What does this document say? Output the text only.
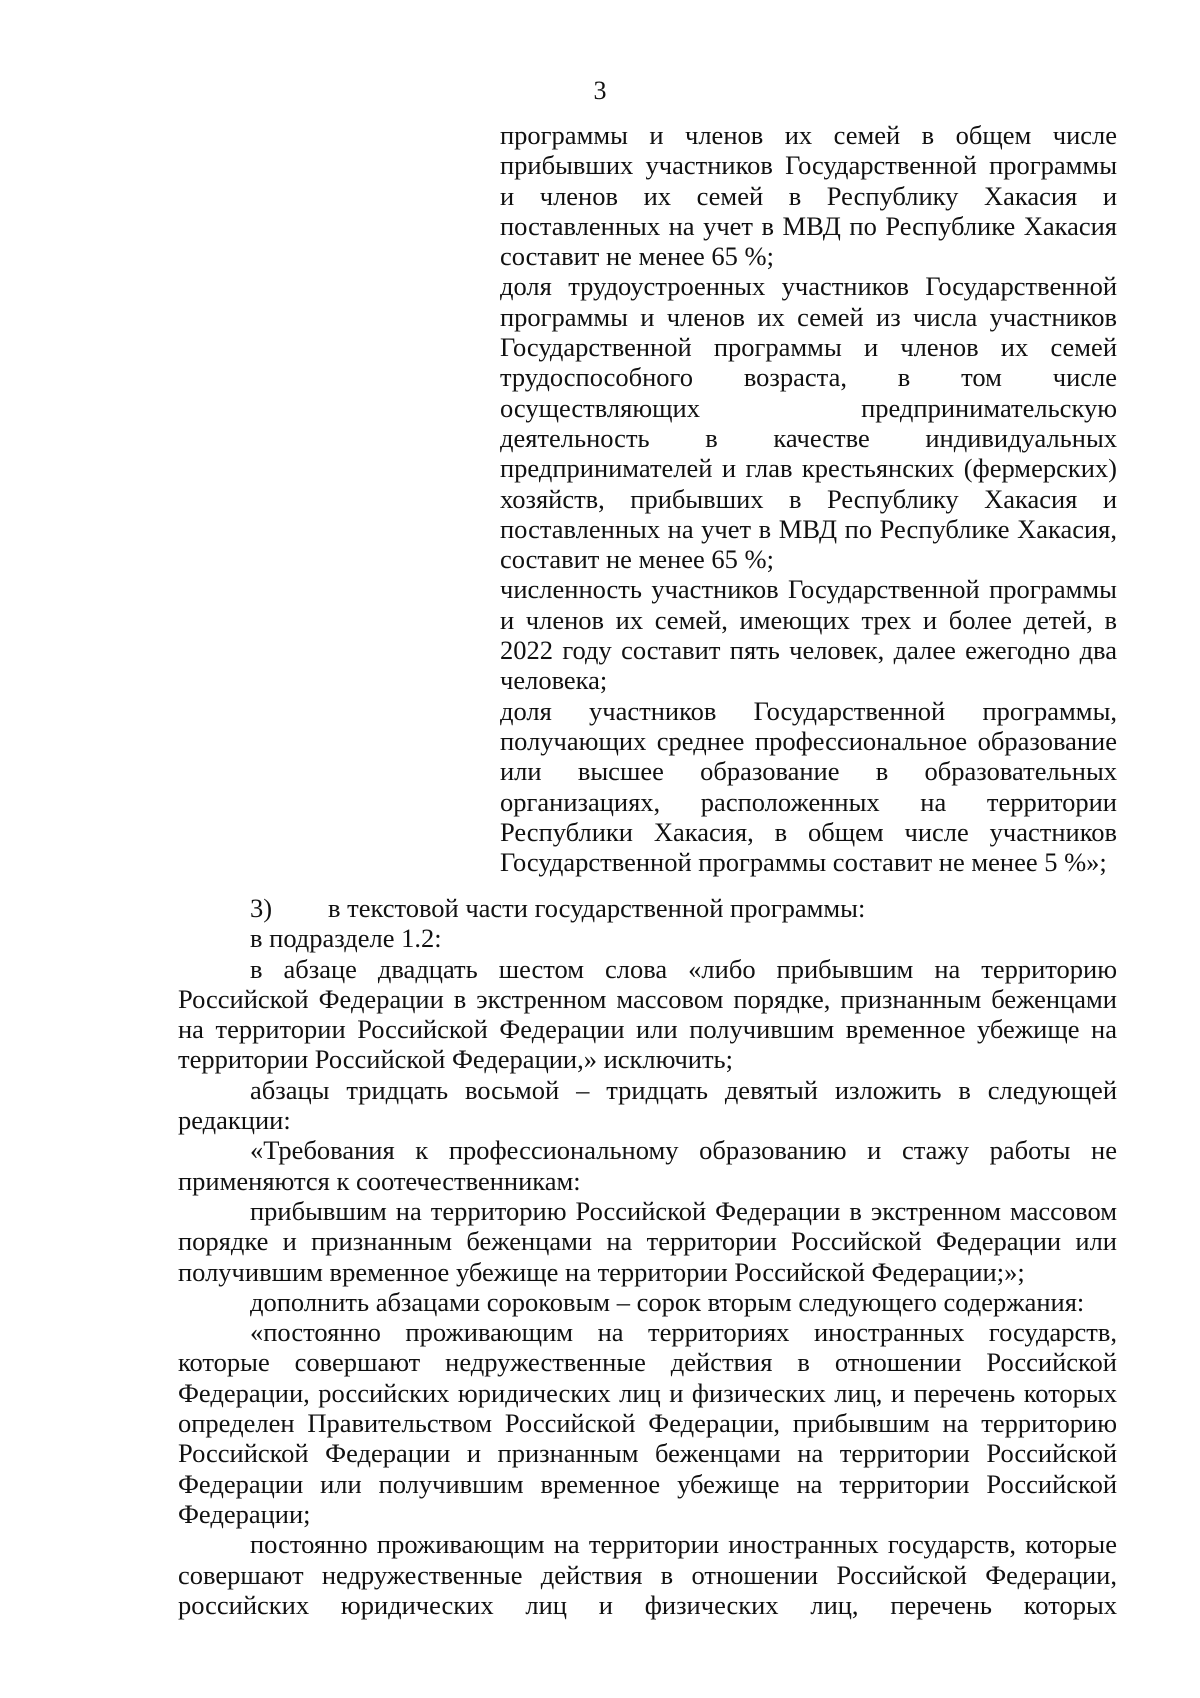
3

программы и членов их семей в общем числе прибывших участников Государственной программы и членов их семей в Республику Хакасия и поставленных на учет в МВД по Республике Хакасия составит не менее 65 %;

доля трудоустроенных участников Государственной программы и членов их семей из числа участников Государственной программы и членов их семей трудоспособного возраста, в том числе осуществляющих предпринимательскую деятельность в качестве индивидуальных предпринимателей и глав крестьянских (фермерских) хозяйств, прибывших в Республику Хакасия и поставленных на учет в МВД по Республике Хакасия, составит не менее 65 %;

численность участников Государственной программы и членов их семей, имеющих трех и более детей, в 2022 году составит пять человек, далее ежегодно два человека;

доля участников Государственной программы, получающих среднее профессиональное образование или высшее образование в образовательных организациях, расположенных на территории Республики Хакасия, в общем числе участников Государственной программы составит не менее 5 %»;

3) в текстовой части государственной программы:

в подразделе 1.2:

в абзаце двадцать шестом слова «либо прибывшим на территорию Российской Федерации в экстренном массовом порядке, признанным беженцами на территории Российской Федерации или получившим временное убежище на территории Российской Федерации,» исключить;

абзацы тридцать восьмой – тридцать девятый изложить в следующей редакции:

«Требования к профессиональному образованию и стажу работы не применяются к соотечественникам:

прибывшим на территорию Российской Федерации в экстренном массовом порядке и признанным беженцами на территории Российской Федерации или получившим временное убежище на территории Российской Федерации;»;

дополнить абзацами сороковым – сорок вторым следующего содержания:

«постоянно проживающим на территориях иностранных государств, которые совершают недружественные действия в отношении Российской Федерации, российских юридических лиц и физических лиц, и перечень которых определен Правительством Российской Федерации, прибывшим на территорию Российской Федерации и признанным беженцами на территории Российской Федерации или получившим временное убежище на территории Российской Федерации;

постоянно проживающим на территории иностранных государств, которые совершают недружественные действия в отношении Российской Федерации, российских юридических лиц и физических лиц, перечень которых
